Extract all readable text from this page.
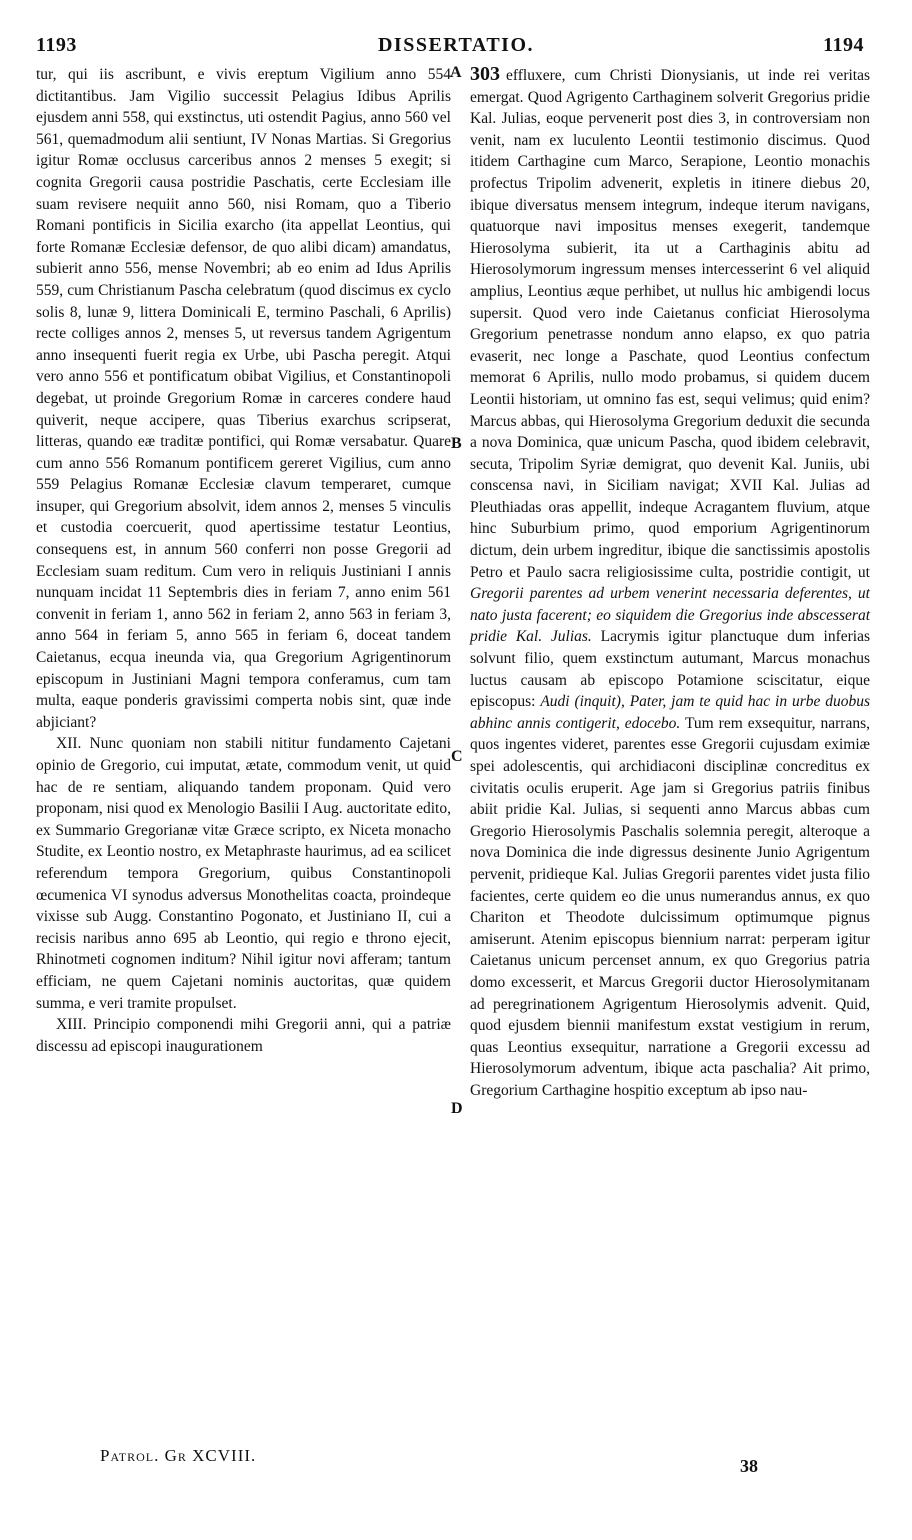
1193	DISSERTATIO.	1194
A
B
C
D

tur, qui iis ascribunt, e vivis ereptum Vigilium anno 554 dictitantibus. Jam Vigilio successit Pelagius Idibus Aprilis ejusdem anni 558, qui exstinctus, uti ostendit Pagius, anno 560 vel 561, quemadmodum alii sentiunt, IV Nonas Martias. Si Gregorius igitur Romæ occlusus carceribus annos 2 menses 5 exegit; si cognita Gregorii causa postridie Paschatis, certe Ecclesiam ille suam revisere nequiit anno 560, nisi Romam, quo a Tiberio Romani pontificis in Sicilia exarcho (ita appellat Leontius, qui forte Romanæ Ecclesiæ defensor, de quo alibi dicam) amandatus, subierit anno 556, mense Novembri; ab eo enim ad Idus Aprilis 559, cum Christianum Pascha celebratum (quod discimus ex cyclo solis 8, lunæ 9, littera Dominicali E, termino Paschali, 6 Aprilis) recte colliges annos 2, menses 5, ut reversus tandem Agrigentum anno insequenti fuerit regia ex Urbe, ubi Pascha peregit. Atqui vero anno 556 et pontificatum obibat Vigilius, et Constantinopoli degebat, ut proinde Gregorium Romæ in carceres condere haud quiverit, neque accipere, quas Tiberius exarchus scripserat, litteras, quando eæ traditæ pontifici, qui Romæ versabatur. Quare cum anno 556 Romanum pontificem gereret Vigilius, cum anno 559 Pelagius Romanæ Ecclesiæ clavum temperaret, cumque insuper, qui Gregorium absolvit, idem annos 2, menses 5 vinculis et custodia coercuerit, quod apertissime testatur Leontius, consequens est, in annum 560 conferri non posse Gregorii ad Ecclesiam suam reditum. Cum vero in reliquis Justiniani I annis nunquam incidat 11 Septembris dies in feriam 7, anno enim 561 convenit in feriam 1, anno 562 in feriam 2, anno 563 in feriam 3, anno 564 in feriam 5, anno 565 in feriam 6, doceat tandem Caietanus, ecqua ineunda via, qua Gregorium Agrigentinorum episcopum in Justiniani Magni tempora conferamus, cum tam multa, eaque ponderis gravissimi comperta nobis sint, quæ inde abjiciant?

XII. Nunc quoniam non stabili nititur fundamento Cajetani opinio de Gregorio, cui imputat, ætate, commodum venit, ut quid hac de re sentiam, aliquando tandem proponam. Quid vero proponam, nisi quod ex Menologio Basilii I Aug. auctoritate edito, ex Summario Gregorianæ vitæ Græce scripto, ex Niceta monacho Studite, ex Leontio nostro, ex Metaphraste haurimus, ad ea scilicet referendum tempora Gregorium, quibus Constantinopoli œcumenica VI synodus adversus Monothelitas coacta, proindeque vixisse sub Augg. Constantino Pogonato, et Justiniano II, cui a recisis naribus anno 695 ab Leontio, qui regio e throno ejecit, Rhinotmeti cognomen inditum? Nihil igitur novi afferam; tantum efficiam, ne quem Cajetani nominis auctoritas, quæ quidem summa, e veri tramite propulset.

XIII. Principio componendi mihi Gregorii anni, qui a patriæ discessu ad episcopi inaugurationem

303 effluxere, cum Christi Dionysianis, ut inde rei veritas emergat. Quod Agrigento Carthaginem solverit Gregorius pridie Kal. Julias, eoque pervenerit post dies 3, in controversiam non venit, nam ex luculento Leontii testimonio discimus. Quod itidem Carthagine cum Marco, Serapione, Leontio monachis profectus Tripolim advenerit, expletis in itinere diebus 20, ibique diversatus mensem integrum, indeque iterum navigans, quatuorque navi impositus menses exegerit, tandemque Hierosolyma subierit, ita ut a Carthaginis abitu ad Hierosolymorum ingressum menses intercesserint 6 vel aliquid amplius, Leontius æque perhibet, ut nullus hic ambigendi locus supersit. Quod vero inde Caietanus conficiat Hierosolyma Gregorium penetrasse nondum anno elapso, ex quo patria evaserit, nec longe a Paschate, quod Leontius confectum memorat 6 Aprilis, nullo modo probamus, si quidem ducem Leontii historiam, ut omnino fas est, sequi velimus; quid enim? Marcus abbas, qui Hierosolyma Gregorium deduxit die secunda a nova Dominica, quæ unicum Pascha, quod ibidem celebravit, secuta, Tripolim Syriæ demigrat, quo devenit Kal. Juniis, ubi conscensa navi, in Siciliam navigat; XVII Kal. Julias ad Pleuthiadas oras appellit, indeque Acragantem fluvium, atque hinc Suburbium primo, quod emporium Agrigentinorum dictum, dein urbem ingreditur, ibique die sanctissimis apostolis Petro et Paulo sacra religiosissime culta, postridie contigit, ut Gregorii parentes ad urbem venerint necessaria deferentes, ut nato justa facerent; eo siquidem die Gregorius inde abscesserat pridie Kal. Julias. Lacrymis igitur planctuque dum inferias solvunt filio, quem exstinctum autumant, Marcus monachus luctus causam ab episcopo Potamione sciscitatur, eique episcopus: Audi (inquit), Pater, jam te quid hac in urbe duobus abhinc annis contigerit, edocebo. Tum rem exsequitur, narrans, quos ingentes videret, parentes esse Gregorii cujusdam eximiæ spei adolescentis, qui archidiaconi disciplinæ concreditus ex civitatis oculis eruperit. Age jam si Gregorius patriis finibus abiit pridie Kal. Julias, si sequenti anno Marcus abbas cum Gregorio Hierosolymis Paschalis solemnia peregit, alteroque a nova Dominica die inde digressus desinente Junio Agrigentum pervenit, pridieque Kal. Julias Gregorii parentes videt justa filio facientes, certe quidem eo die unus numerandus annus, ex quo Chariton et Theodote dulcissimum optimumque pignus amiserunt. Atenim episcopus biennium narrat: perperam igitur Caietanus unicum percenset annum, ex quo Gregorius patria domo excesserit, et Marcus Gregorii ductor Hierosolymitanam ad peregrinationem Agrigentum Hierosolymis advenit. Quid, quod ejusdem biennii manifestum exstat vestigium in rerum, quas Leontius exsequitur, narratione a Gregorii excessu ad Hierosolymorum adventum, ibique acta paschalia? Ait primo, Gregorium Carthagine hospitio exceptum ab ipso nau-

Patrol. Gr XCVIII.
38
